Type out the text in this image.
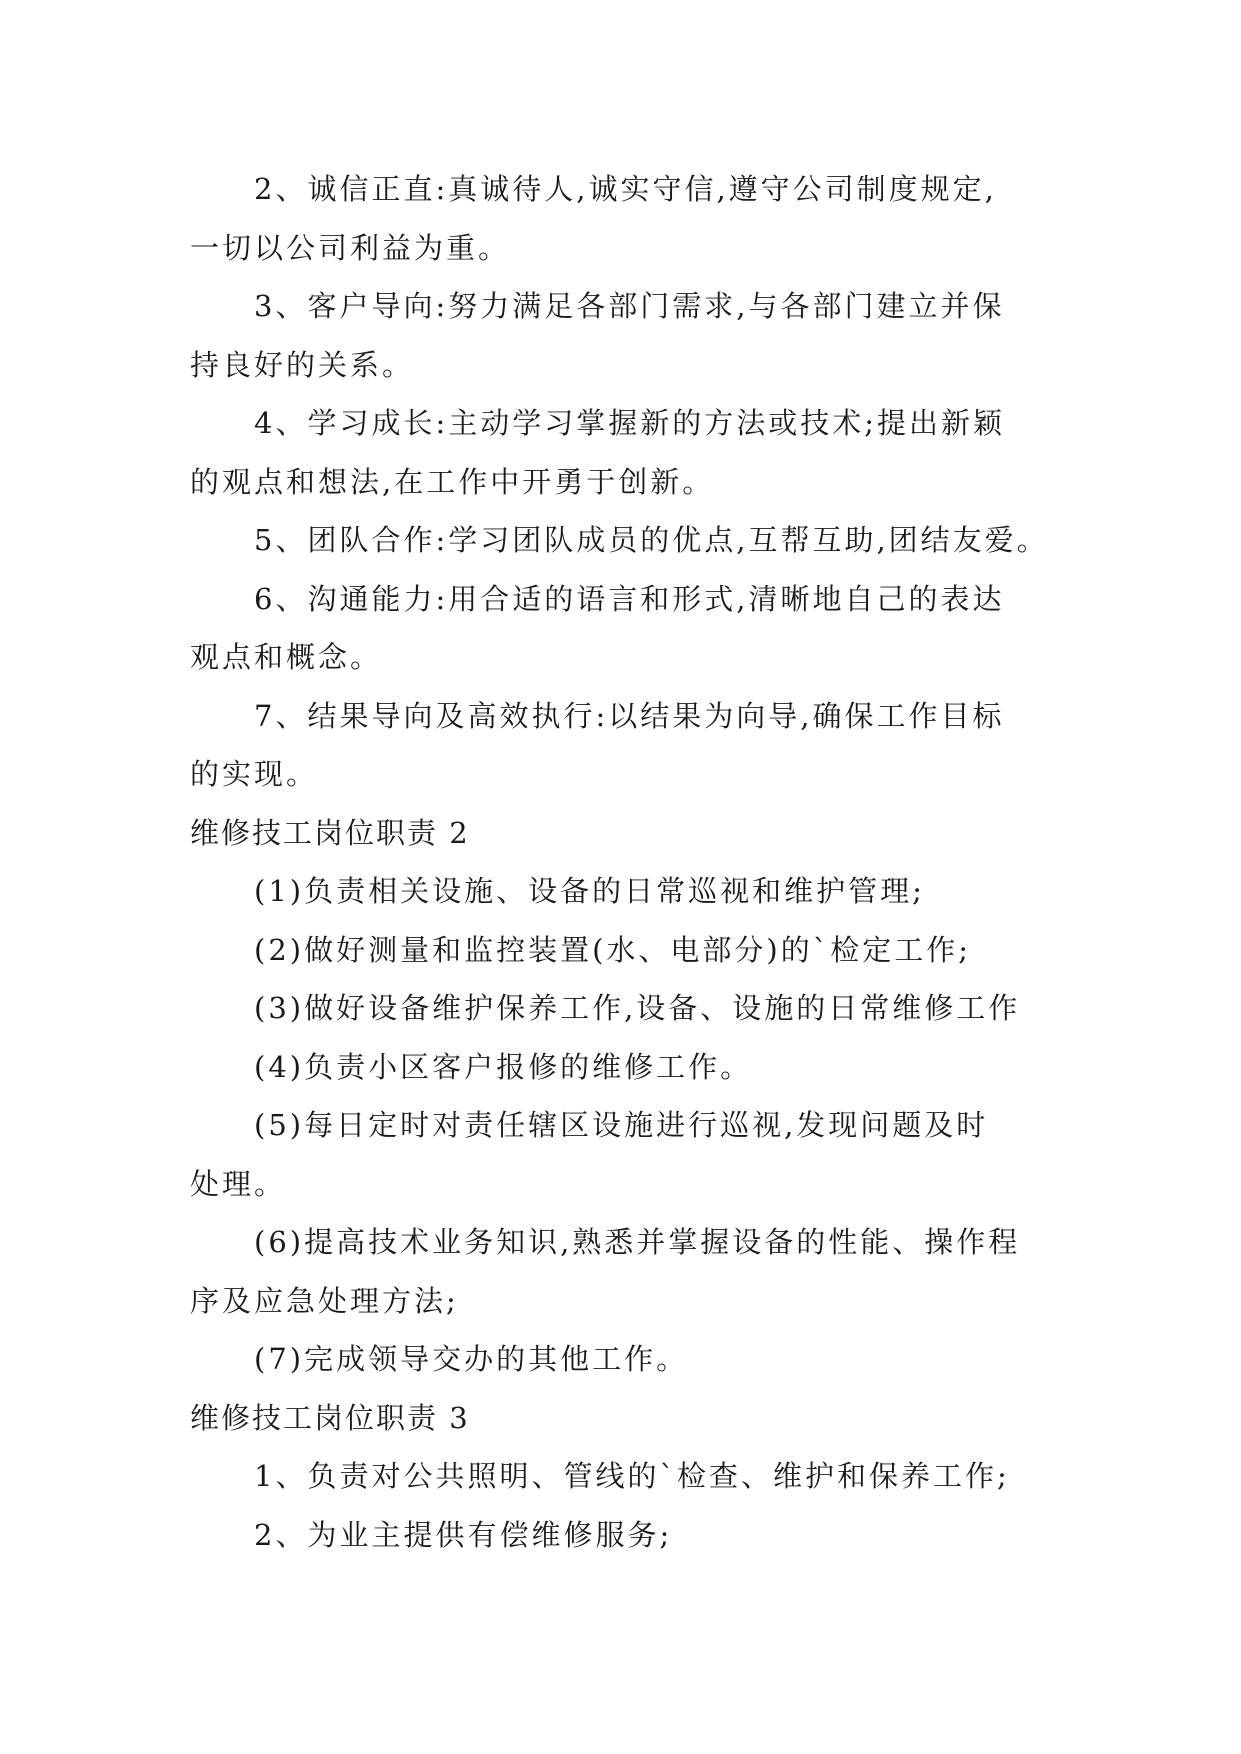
2、诚信正直:真诚待人,诚实守信,遵守公司制度规定,
一切以公司利益为重。
3、客户导向:努力满足各部门需求,与各部门建立并保
持良好的关系。
4、学习成长:主动学习掌握新的方法或技术;提出新颖
的观点和想法,在工作中开勇于创新。
5、团队合作:学习团队成员的优点,互帮互助,团结友爱。
6、沟通能力:用合适的语言和形式,清晰地自己的表达
观点和概念。
7、结果导向及高效执行:以结果为向导,确保工作目标
的实现。
维修技工岗位职责 2
(1)负责相关设施、设备的日常巡视和维护管理;
(2)做好测量和监控装置(水、电部分)的`检定工作;
(3)做好设备维护保养工作,设备、设施的日常维修工作
(4)负责小区客户报修的维修工作。
(5)每日定时对责任辖区设施进行巡视,发现问题及时
处理。
(6)提高技术业务知识,熟悉并掌握设备的性能、操作程
序及应急处理方法;
(7)完成领导交办的其他工作。
维修技工岗位职责 3
1、负责对公共照明、管线的`检查、维护和保养工作;
2、为业主提供有偿维修服务;
